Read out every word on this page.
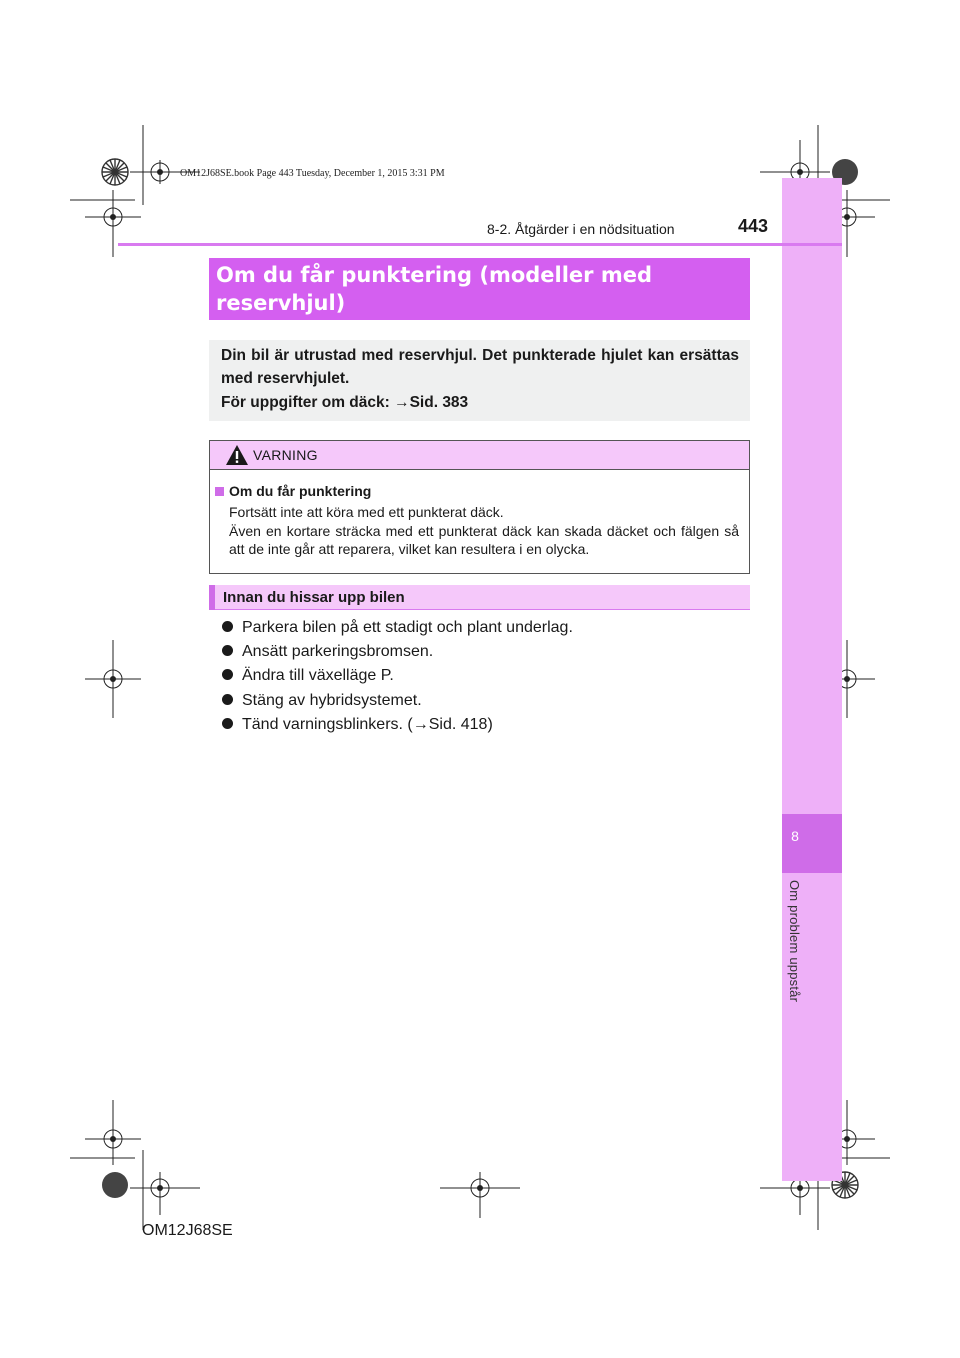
OM12J68SE.book Page 443 Tuesday, December 1, 2015 3:31 PM
8
Om problem uppstår
8-2. Åtgärder i en nödsituation	443
Om du får punktering (modeller med reservhjul)
Din bil är utrustad med reservhjul. Det punkterade hjulet kan ersättas med reservhjulet.
För uppgifter om däck: →Sid. 383
VARNING
Om du får punktering
Fortsätt inte att köra med ett punkterat däck.
Även en kortare sträcka med ett punkterat däck kan skada däcket och fälgen så att de inte går att reparera, vilket kan resultera i en olycka.
Innan du hissar upp bilen
Parkera bilen på ett stadigt och plant underlag.
Ansätt parkeringsbromsen.
Ändra till växelläge P.
Stäng av hybridsystemet.
Tänd varningsblinkers. (→Sid. 418)
OM12J68SE
